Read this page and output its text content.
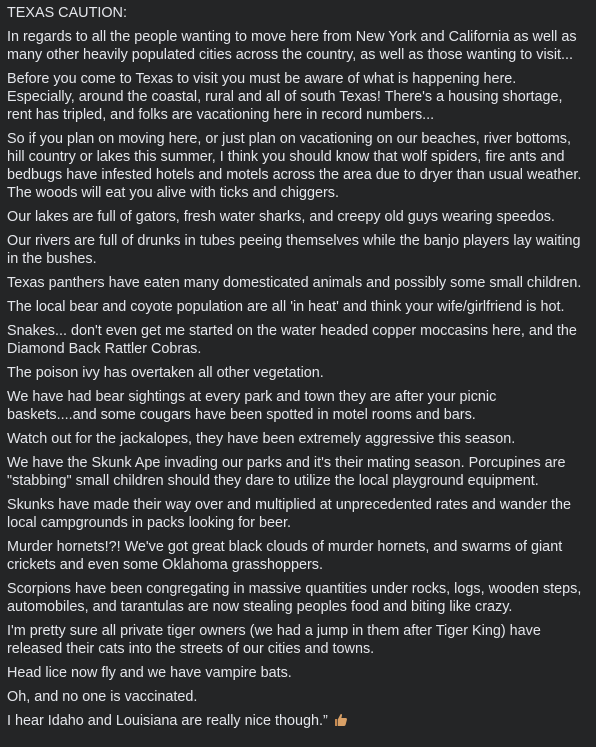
TEXAS CAUTION:
In regards to all the people wanting to move here from New York and California as well as many other heavily populated cities across the country, as well as those wanting to visit...
Before you come to Texas to visit you must be aware of what is happening here. Especially, around the coastal, rural and all of south Texas! There's a housing shortage, rent has tripled, and folks are vacationing here in record numbers...
So if you plan on moving here, or just plan on vacationing on our beaches, river bottoms, hill country or lakes this summer, I think you should know that wolf spiders, fire ants and bedbugs have infested hotels and motels across the area due to dryer than usual weather. The woods will eat you alive with ticks and chiggers.
Our lakes are full of gators, fresh water sharks, and creepy old guys wearing speedos.
Our rivers are full of drunks in tubes peeing themselves while the banjo players lay waiting in the bushes.
Texas panthers have eaten many domesticated animals and possibly some small children.
The local bear and coyote population are all 'in heat' and think your wife/girlfriend is hot.
Snakes... don't even get me started on the water headed copper moccasins here, and the Diamond Back Rattler Cobras.
The poison ivy has overtaken all other vegetation.
We have had bear sightings at every park and town they are after your picnic baskets....and some cougars have been spotted in motel rooms and bars.
Watch out for the jackalopes, they have been extremely aggressive this season.
We have the Skunk Ape invading our parks and it's their mating season. Porcupines are "stabbing" small children should they dare to utilize the local playground equipment.
Skunks have made their way over and multiplied at unprecedented rates and wander the local campgrounds in packs looking for beer.
Murder hornets!?! We've got great black clouds of murder hornets, and swarms of giant crickets and even some Oklahoma grasshoppers.
Scorpions have been congregating in massive quantities under rocks, logs, wooden steps, automobiles, and tarantulas are now stealing peoples food and biting like crazy.
I'm pretty sure all private tiger owners (we had a jump in them after Tiger King) have released their cats into the streets of our cities and towns.
Head lice now fly and we have vampire bats.
Oh, and no one is vaccinated.
I hear Idaho and Louisiana are really nice though.”
